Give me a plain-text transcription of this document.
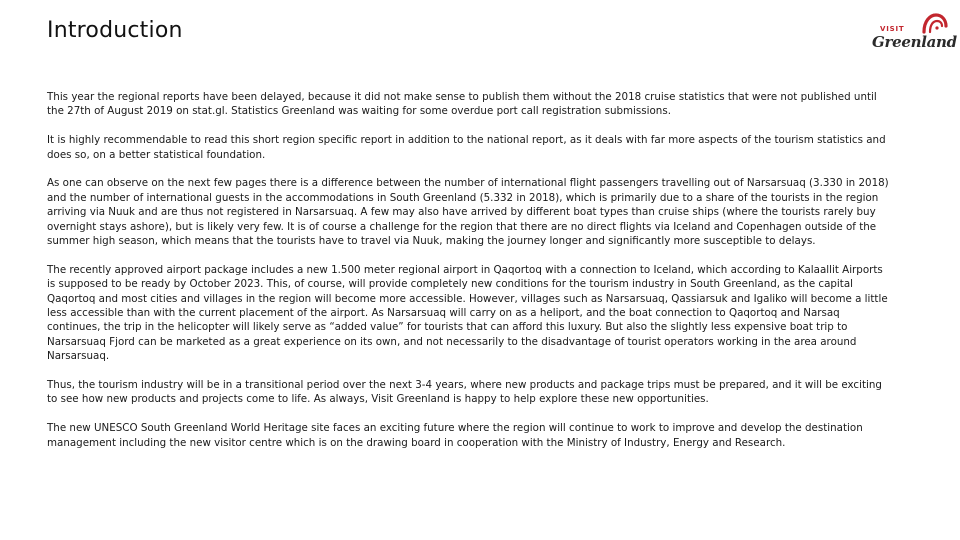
Introduction	VISIT
Greenland

This year the regional reports have been delayed, because it did not make sense to publish them without the 2018 cruise statistics that were not published until the 27th of August 2019 on stat.gl. Statistics Greenland was waiting for some overdue port call registration submissions.

It is highly recommendable to read this short region specific report in addition to the national report, as it deals with far more aspects of the tourism statistics and does so, on a better statistical foundation.

As one can observe on the next few pages there is a difference between the number of international flight passengers travelling out of Narsarsuaq (3.330 in 2018) and the number of international guests in the accommodations in South Greenland (5.332 in 2018), which is primarily due to a share of the tourists in the region arriving via Nuuk and are thus not registered in Narsarsuaq. A few may also have arrived by different boat types than cruise ships (where the tourists rarely buy overnight stays ashore), but is likely very few. It is of course a challenge for the region that there are no direct flights via Iceland and Copenhagen outside of the summer high season, which means that the tourists have to travel via Nuuk, making the journey longer and significantly more susceptible to delays.

The recently approved airport package includes a new 1.500 meter regional airport in Qaqortoq with a connection to Iceland, which according to Kalaallit Airports is supposed to be ready by October 2023. This, of course, will provide completely new conditions for the tourism industry in South Greenland, as the capital Qaqortoq and most cities and villages in the region will become more accessible. However, villages such as Narsarsuaq, Qassiarsuk and Igaliko will become a little less accessible than with the current placement of the airport. As Narsarsuaq will carry on as a heliport, and the boat connection to Qaqortoq and Narsaq continues, the trip in the helicopter will likely serve as “added value” for tourists that can afford this luxury. But also the slightly less expensive boat trip to Narsarsuaq Fjord can be marketed as a great experience on its own, and not necessarily to the disadvantage of tourist operators working in the area around Narsarsuaq.

Thus, the tourism industry will be in a transitional period over the next 3-4 years, where new products and package trips must be prepared, and it will be exciting to see how new products and projects come to life. As always, Visit Greenland is happy to help explore these new opportunities.

The new UNESCO South Greenland World Heritage site faces an exciting future where the region will continue to work to improve and develop the destination management including the new visitor centre which is on the drawing board in cooperation with the Ministry of Industry, Energy and Research.
